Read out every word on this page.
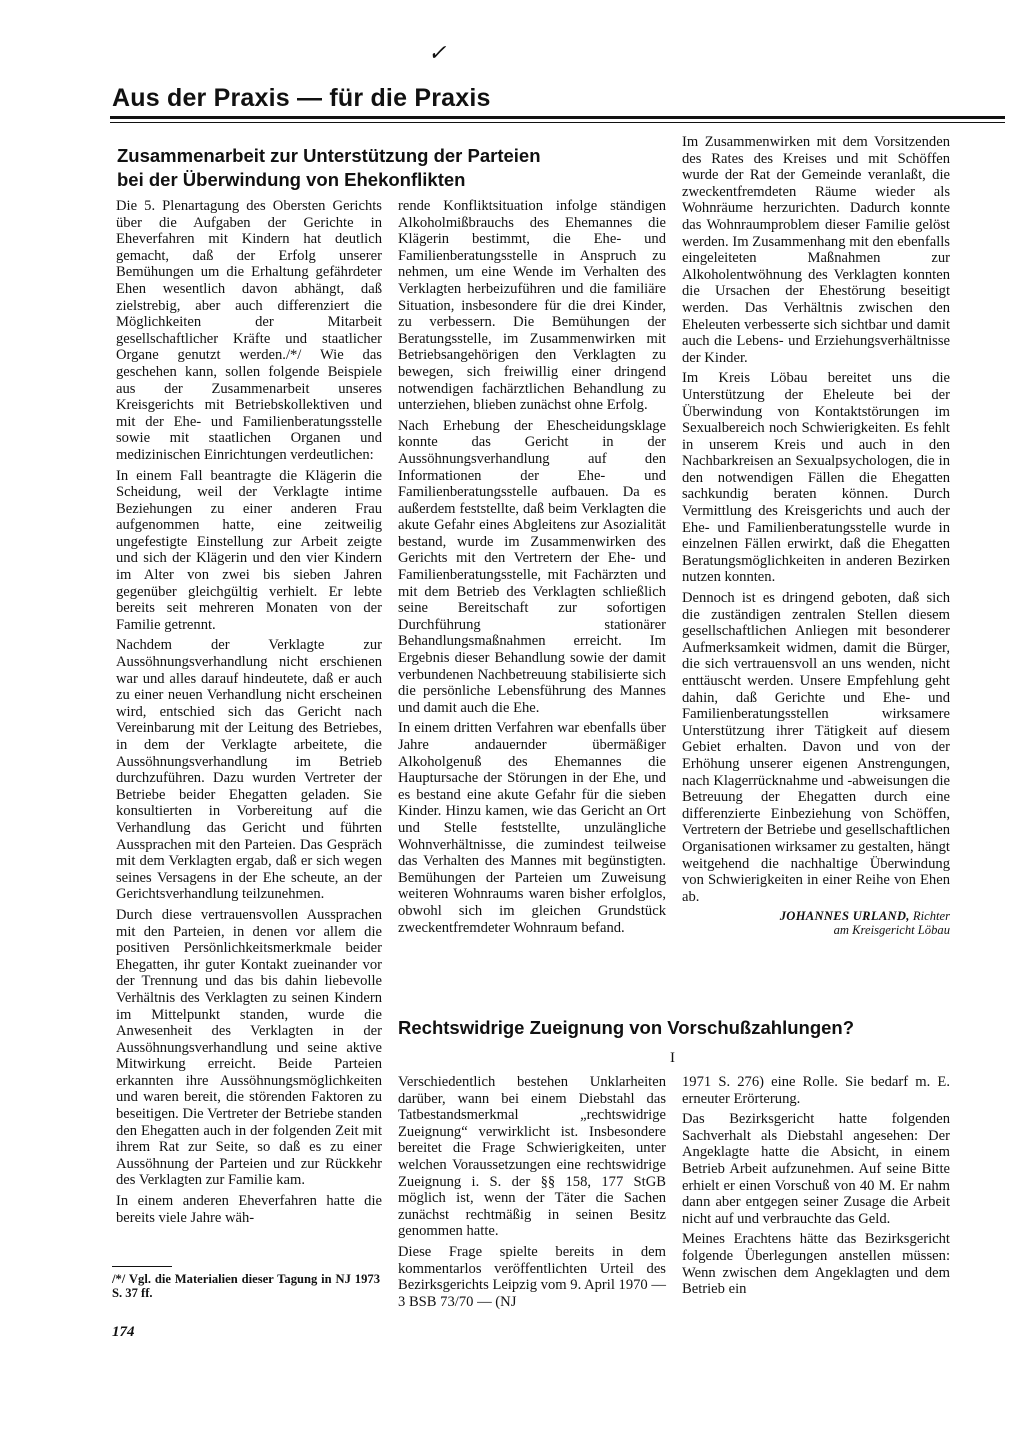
✓
Aus der Praxis — für die Praxis
Zusammenarbeit zur Unterstützung der Parteien
bei der Überwindung von Ehekonflikten

Die 5. Plenartagung des Obersten Gerichts über die Aufgaben der Gerichte in Eheverfahren mit Kindern hat deutlich gemacht, daß der Erfolg unserer Bemühungen um die Erhaltung gefährdeter Ehen wesentlich davon abhängt, daß zielstrebig, aber auch differenziert die Möglichkeiten der Mitarbeit gesellschaftlicher Kräfte und staatlicher Organe genutzt werden./*/ Wie das geschehen kann, sollen folgende Beispiele aus der Zusammenarbeit unseres Kreisgerichts mit Betriebskollektiven und mit der Ehe- und Familienberatungsstelle sowie mit staatlichen Organen und medizinischen Einrichtungen verdeutlichen:

In einem Fall beantragte die Klägerin die Scheidung, weil der Verklagte intime Beziehungen zu einer anderen Frau aufgenommen hatte, eine zeitweilig ungefestigte Einstellung zur Arbeit zeigte und sich der Klägerin und den vier Kindern im Alter von zwei bis sieben Jahren gegenüber gleichgültig verhielt. Er lebte bereits seit mehreren Monaten von der Familie getrennt.

Nachdem der Verklagte zur Aussöhnungsverhandlung nicht erschienen war und alles darauf hindeutete, daß er auch zu einer neuen Verhandlung nicht erscheinen wird, entschied sich das Gericht nach Vereinbarung mit der Leitung des Betriebes, in dem der Verklagte arbeitete, die Aussöhnungsverhandlung im Betrieb durchzuführen. Dazu wurden Vertreter der Betriebe beider Ehegatten geladen. Sie konsultierten in Vorbereitung auf die Verhandlung das Gericht und führten Aussprachen mit den Parteien. Das Gespräch mit dem Verklagten ergab, daß er sich wegen seines Versagens in der Ehe scheute, an der Gerichtsverhandlung teilzunehmen.

Durch diese vertrauensvollen Aussprachen mit den Parteien, in denen vor allem die positiven Persönlichkeitsmerkmale beider Ehegatten, ihr guter Kontakt zueinander vor der Trennung und das bis dahin liebevolle Verhältnis des Verklagten zu seinen Kindern im Mittelpunkt standen, wurde die Anwesenheit des Verklagten in der Aussöhnungsverhandlung und seine aktive Mitwirkung erreicht. Beide Parteien erkannten ihre Aussöhnungsmöglichkeiten und waren bereit, die störenden Faktoren zu beseitigen. Die Vertreter der Betriebe standen den Ehegatten auch in der folgenden Zeit mit ihrem Rat zur Seite, so daß es zu einer Aussöhnung der Parteien und zur Rückkehr des Verklagten zur Familie kam.

In einem anderen Eheverfahren hatte die bereits viele Jahre wäh-

rende Konfliktsituation infolge ständigen Alkoholmißbrauchs des Ehemannes die Klägerin bestimmt, die Ehe- und Familienberatungsstelle in Anspruch zu nehmen, um eine Wende im Verhalten des Verklagten herbeizuführen und die familiäre Situation, insbesondere für die drei Kinder, zu verbessern. Die Bemühungen der Beratungsstelle, im Zusammenwirken mit Betriebsangehörigen den Verklagten zu bewegen, sich freiwillig einer dringend notwendigen fachärztlichen Behandlung zu unterziehen, blieben zunächst ohne Erfolg.

Nach Erhebung der Ehescheidungsklage konnte das Gericht in der Aussöhnungsverhandlung auf den Informationen der Ehe- und Familienberatungsstelle aufbauen. Da es außerdem feststellte, daß beim Verklagten die akute Gefahr eines Abgleitens zur Asozialität bestand, wurde im Zusammenwirken des Gerichts mit den Vertretern der Ehe- und Familienberatungsstelle, mit Fachärzten und mit dem Betrieb des Verklagten schließlich seine Bereitschaft zur sofortigen Durchführung stationärer Behandlungsmaßnahmen erreicht. Im Ergebnis dieser Behandlung sowie der damit verbundenen Nachbetreuung stabilisierte sich die persönliche Lebensführung des Mannes und damit auch die Ehe.

In einem dritten Verfahren war ebenfalls über Jahre andauernder übermäßiger Alkoholgenuß des Ehemannes die Hauptursache der Störungen in der Ehe, und es bestand eine akute Gefahr für die sieben Kinder. Hinzu kamen, wie das Gericht an Ort und Stelle feststellte, unzulängliche Wohnverhältnisse, die zumindest teilweise das Verhalten des Mannes mit begünstigten. Bemühungen der Parteien um Zuweisung weiteren Wohnraums waren bisher erfolglos, obwohl sich im gleichen Grundstück zweckentfremdeter Wohnraum befand.

Im Zusammenwirken mit dem Vorsitzenden des Rates des Kreises und mit Schöffen wurde der Rat der Gemeinde veranlaßt, die zweckentfremdeten Räume wieder als Wohnräume herzurichten. Dadurch konnte das Wohnraumproblem dieser Familie gelöst werden. Im Zusammenhang mit den ebenfalls eingeleiteten Maßnahmen zur Alkoholentwöhnung des Verklagten konnten die Ursachen der Ehestörung beseitigt werden. Das Verhältnis zwischen den Eheleuten verbesserte sich sichtbar und damit auch die Lebens- und Erziehungsverhältnisse der Kinder.

Im Kreis Löbau bereitet uns die Unterstützung der Eheleute bei der Überwindung von Kontaktstörungen im Sexualbereich noch Schwierigkeiten. Es fehlt in unserem Kreis und auch in den Nachbarkreisen an Sexualpsychologen, die in den notwendigen Fällen die Ehegatten sachkundig beraten können. Durch Vermittlung des Kreisgerichts und auch der Ehe- und Familienberatungsstelle wurde in einzelnen Fällen erwirkt, daß die Ehegatten Beratungsmöglichkeiten in anderen Bezirken nutzen konnten.

Dennoch ist es dringend geboten, daß sich die zuständigen zentralen Stellen diesem gesellschaftlichen Anliegen mit besonderer Aufmerksamkeit widmen, damit die Bürger, die sich vertrauensvoll an uns wenden, nicht enttäuscht werden. Unsere Empfehlung geht dahin, daß Gerichte und Ehe- und Familienberatungsstellen wirksamere Unterstützung ihrer Tätigkeit auf diesem Gebiet erhalten. Davon und von der Erhöhung unserer eigenen Anstrengungen, nach Klagerrücknahme und -abweisungen die Betreuung der Ehegatten durch eine differenzierte Einbeziehung von Schöffen, Vertretern der Betriebe und gesellschaftlichen Organisationen wirksamer zu gestalten, hängt weitgehend die nachhaltige Überwindung von Schwierigkeiten in einer Reihe von Ehen ab.

JOHANNES URLAND, Richter
am Kreisgericht Löbau
Rechtswidrige Zueignung von Vorschußzahlungen?
I

Verschiedentlich bestehen Unklarheiten darüber, wann bei einem Diebstahl das Tatbestandsmerkmal „rechtswidrige Zueignung“ verwirklicht ist. Insbesondere bereitet die Frage Schwierigkeiten, unter welchen Voraussetzungen eine rechtswidrige Zueignung i. S. der §§ 158, 177 StGB möglich ist, wenn der Täter die Sachen zunächst rechtmäßig in seinen Besitz genommen hatte.

Diese Frage spielte bereits in dem kommentarlos veröffentlichten Urteil des Bezirksgerichts Leipzig vom 9. April 1970 — 3 BSB 73/70 — (NJ

1971 S. 276) eine Rolle. Sie bedarf m. E. erneuter Erörterung.

Das Bezirksgericht hatte folgenden Sachverhalt als Diebstahl angesehen: Der Angeklagte hatte die Absicht, in einem Betrieb Arbeit aufzunehmen. Auf seine Bitte erhielt er einen Vorschuß von 40 M. Er nahm dann aber entgegen seiner Zusage die Arbeit nicht auf und verbrauchte das Geld.

Meines Erachtens hätte das Bezirksgericht folgende Überlegungen anstellen müssen: Wenn zwischen dem Angeklagten und dem Betrieb ein

/*/ Vgl. die Materialien dieser Tagung in NJ 1973 S. 37 ff.
174
